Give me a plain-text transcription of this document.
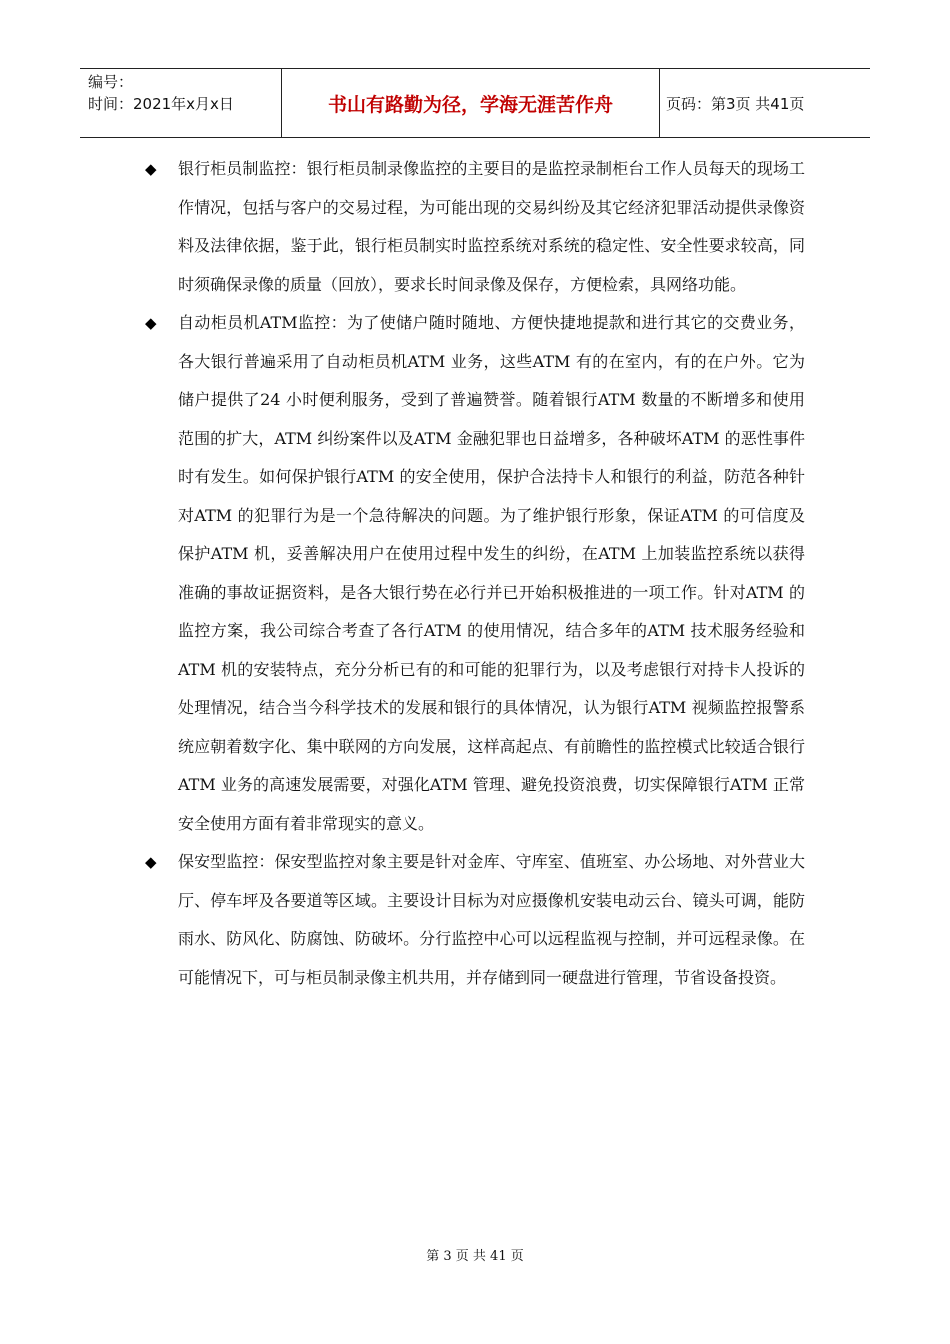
编号：
时间：2021年x月x日	书山有路勤为径，学海无涯苦作舟	页码：第3页 共41页
◆ 银行柜员制监控：银行柜员制录像监控的主要目的是监控录制柜台工作人员每天的现场工作情况，包括与客户的交易过程，为可能出现的交易纠纷及其它经济犯罪活动提供录像资料及法律依据，鉴于此，银行柜员制实时监控系统对系统的稳定性、安全性要求较高，同时须确保录像的质量（回放），要求长时间录像及保存，方便检索，具网络功能。
◆ 自动柜员机ATM监控：为了使储户随时随地、方便快捷地提款和进行其它的交费业务，各大银行普遍采用了自动柜员机ATM 业务，这些ATM 有的在室内，有的在户外。它为储户提供了24 小时便利服务，受到了普遍赞誉。随着银行ATM 数量的不断增多和使用范围的扩大，ATM 纠纷案件以及ATM 金融犯罪也日益增多，各种破坏ATM 的恶性事件时有发生。如何保护银行ATM 的安全使用，保护合法持卡人和银行的利益，防范各种针对ATM 的犯罪行为是一个急待解决的问题。为了维护银行形象，保证ATM 的可信度及保护ATM 机，妥善解决用户在使用过程中发生的纠纷，在ATM 上加装监控系统以获得准确的事故证据资料，是各大银行势在必行并已开始积极推进的一项工作。针对ATM 的监控方案，我公司综合考查了各行ATM 的使用情况，结合多年的ATM 技术服务经验和ATM 机的安装特点，充分分析已有的和可能的犯罪行为，以及考虑银行对持卡人投诉的处理情况，结合当今科学技术的发展和银行的具体情况，认为银行ATM 视频监控报警系统应朝着数字化、集中联网的方向发展，这样高起点、有前瞻性的监控模式比较适合银行ATM 业务的高速发展需要，对强化ATM 管理、避免投资浪费，切实保障银行ATM 正常安全使用方面有着非常现实的意义。
◆ 保安型监控：保安型监控对象主要是针对金库、守库室、值班室、办公场地、对外营业大厅、停车坪及各要道等区域。主要设计目标为对应摄像机安装电动云台、镜头可调，能防雨水、防风化、防腐蚀、防破坏。分行监控中心可以远程监视与控制，并可远程录像。在可能情况下，可与柜员制录像主机共用，并存储到同一硬盘进行管理，节省设备投资。
第 3 页 共 41 页
